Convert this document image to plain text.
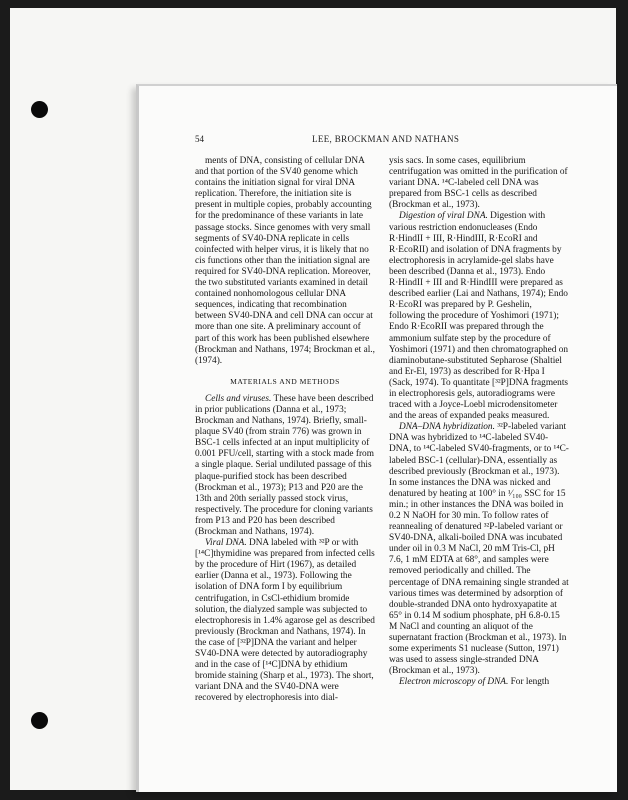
54	LEE, BROCKMAN AND NATHANS

ments of DNA, consisting of cellular DNA and that portion of the SV40 genome which contains the initiation signal for viral DNA replication. Therefore, the initiation site is present in multiple copies, probably accounting for the predominance of these variants in late passage stocks. Since genomes with very small segments of SV40-DNA replicate in cells coinfected with helper virus, it is likely that no cis functions other than the initiation signal are required for SV40-DNA replication. Moreover, the two substituted variants examined in detail contained nonhomologous cellular DNA sequences, indicating that recombination between SV40-DNA and cell DNA can occur at more than one site. A preliminary account of part of this work has been published elsewhere (Brockman and Nathans, 1974; Brockman et al., (1974).

MATERIALS AND METHODS

Cells and viruses. These have been described in prior publications (Danna et al., 1973; Brockman and Nathans, 1974). Briefly, small-plaque SV40 (from strain 776) was grown in BSC-1 cells infected at an input multiplicity of 0.001 PFU/cell, starting with a stock made from a single plaque. Serial undiluted passage of this plaque-purified stock has been described (Brockman et al., 1973); P13 and P20 are the 13th and 20th serially passed stock virus, respectively. The procedure for cloning variants from P13 and P20 has been described (Brockman and Nathans, 1974).

Viral DNA. DNA labeled with ³²P or with [¹⁴C]thymidine was prepared from infected cells by the procedure of Hirt (1967), as detailed earlier (Danna et al., 1973). Following the isolation of DNA form I by equilibrium centrifugation, in CsCl-ethidium bromide solution, the dialyzed sample was subjected to electrophoresis in 1.4% agarose gel as described previously (Brockman and Nathans, 1974). In the case of [³²P]DNA the variant and helper SV40-DNA were detected by autoradiography and in the case of [¹⁴C]DNA by ethidium bromide staining (Sharp et al., 1973). The short, variant DNA and the SV40-DNA were recovered by electrophoresis into dial-

ysis sacs. In some cases, equilibrium centrifugation was omitted in the purification of variant DNA. ¹⁴C-labeled cell DNA was prepared from BSC-1 cells as described (Brockman et al., 1973).

Digestion of viral DNA. Digestion with various restriction endonucleases (Endo R·HindII + III, R·HindIII, R·EcoRI and R·EcoRII) and isolation of DNA fragments by electrophoresis in acrylamide-gel slabs have been described (Danna et al., 1973). Endo R·HindII + III and R·HindIII were prepared as described earlier (Lai and Nathans, 1974); Endo R·EcoRI was prepared by P. Geshelin, following the procedure of Yoshimori (1971); Endo R·EcoRII was prepared through the ammonium sulfate step by the procedure of Yoshimori (1971) and then chromatographed on diaminobutane-substituted Sepharose (Shaltiel and Er-El, 1973) as described for R·Hpa I (Sack, 1974). To quantitate [³²P]DNA fragments in electrophoresis gels, autoradiograms were traced with a Joyce-Loebl microdensitometer and the areas of expanded peaks measured.

DNA–DNA hybridization. ³²P-labeled variant DNA was hybridized to ¹⁴C-labeled SV40-DNA, to ¹⁴C-labeled SV40-fragments, or to ¹⁴C-labeled BSC-1 (cellular)-DNA, essentially as described previously (Brockman et al., 1973). In some instances the DNA was nicked and denatured by heating at 100° in ¹⁄₁₀₀ SSC for 15 min.; in other instances the DNA was boiled in 0.2 N NaOH for 30 min. To follow rates of reannealing of denatured ³²P-labeled variant or SV40-DNA, alkali-boiled DNA was incubated under oil in 0.3 M NaCl, 20 mM Tris-Cl, pH 7.6, 1 mM EDTA at 68°, and samples were removed periodically and chilled. The percentage of DNA remaining single stranded at various times was determined by adsorption of double-stranded DNA onto hydroxyapatite at 65° in 0.14 M sodium phosphate, pH 6.8-0.15 M NaCl and counting an aliquot of the supernatant fraction (Brockman et al., 1973). In some experiments S1 nuclease (Sutton, 1971) was used to assess single-stranded DNA (Brockman et al., 1973).

Electron microscopy of DNA. For length
